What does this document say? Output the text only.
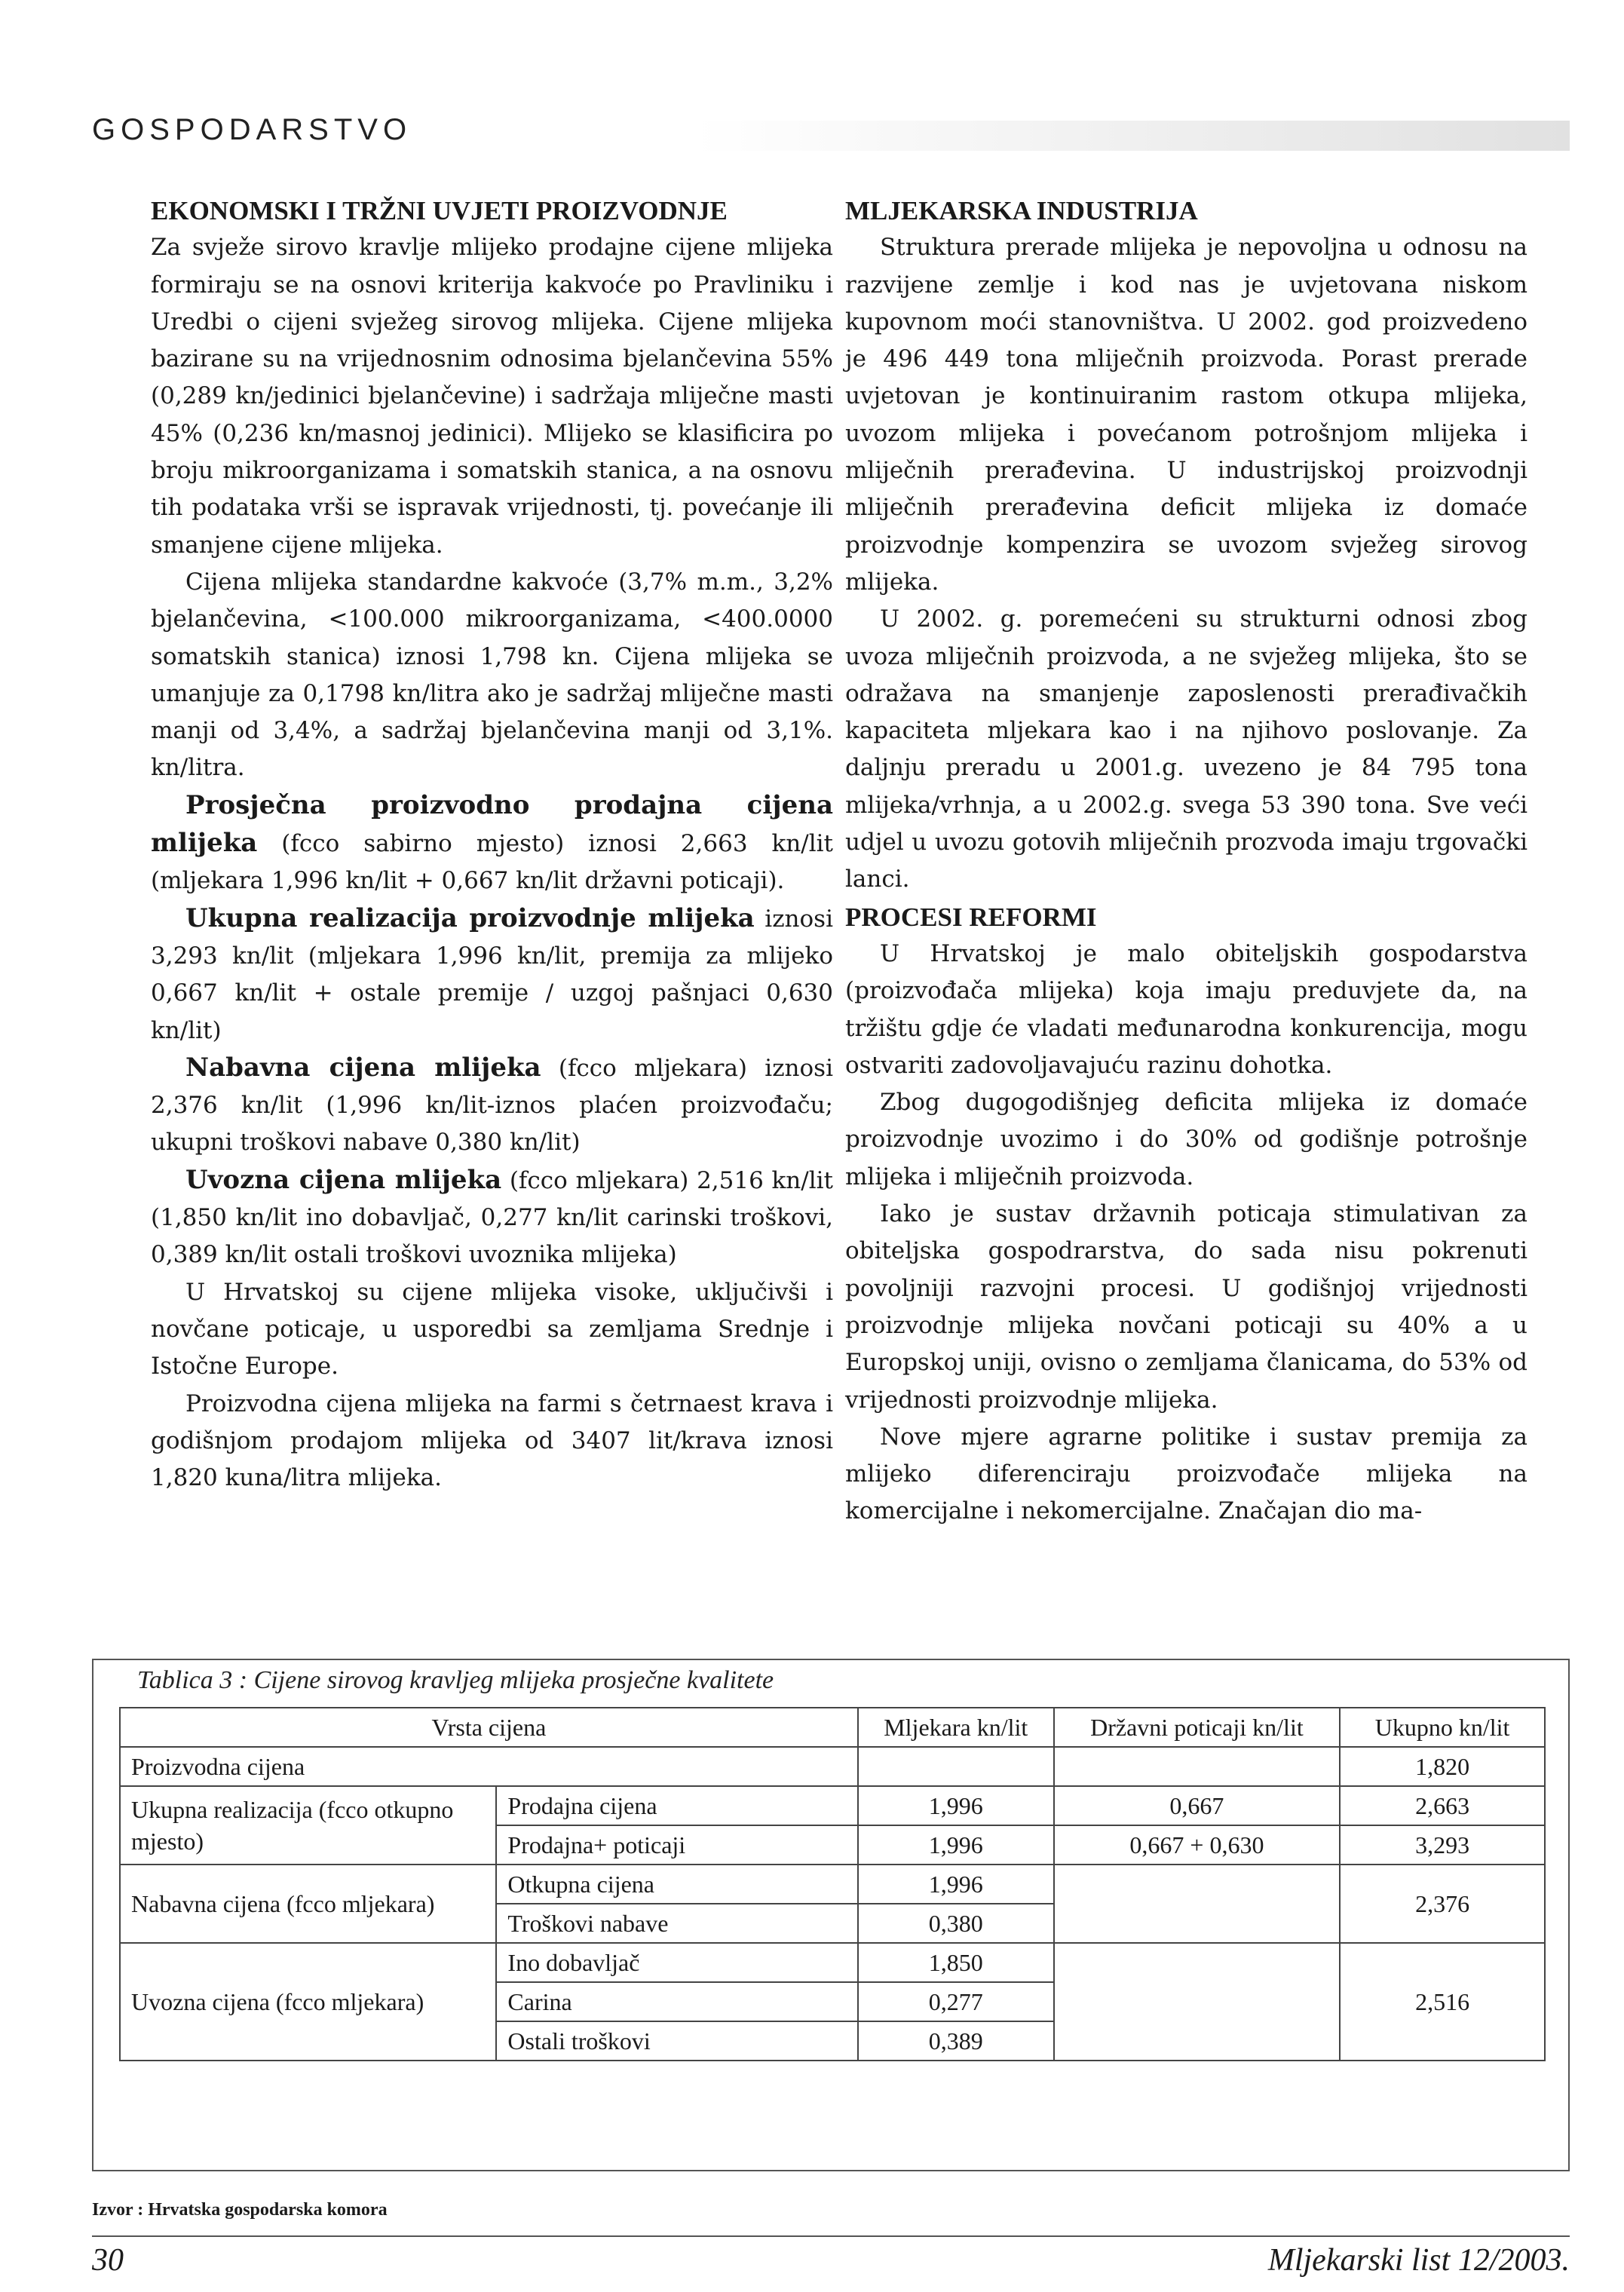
GOSPODARSTVO
EKONOMSKI I TRŽNI UVJETI PROIZVODNJE

Za svježe sirovo kravlje mlijeko prodajne cijene mlijeka formiraju se na osnovi kriterija kakvoće po Pravliniku i Uredbi o cijeni svježeg sirovog mlijeka. Cijene mlijeka bazirane su na vrijednosnim odnosima bjelančevina 55% (0,289 kn/jedinici bjelančevine) i sadržaja mliječne masti 45% (0,236 kn/masnoj jedinici). Mlijeko se klasificira po broju mikroorganizama i somatskih stanica, a na osnovu tih podataka vrši se ispravak vrijednosti, tj. povećanje ili smanjene cijene mlijeka.

Cijena mlijeka standardne kakvoće (3,7% m.m., 3,2% bjelančevina, <100.000 mikroorganizama, <400.0000 somatskih stanica) iznosi 1,798 kn. Cijena mlijeka se umanjuje za 0,1798 kn/litra ako je sadržaj mliječne masti manji od 3,4%, a sadržaj bjelančevina manji od 3,1%. kn/litra.

Prosječna proizvodno prodajna cijena mlijeka (fcco sabirno mjesto) iznosi 2,663 kn/lit (mljekara 1,996 kn/lit + 0,667 kn/lit državni poticaji).

Ukupna realizacija proizvodnje mlijeka iznosi 3,293 kn/lit (mljekara 1,996 kn/lit, premija za mlijeko 0,667 kn/lit + ostale premije / uzgoj pašnjaci 0,630 kn/lit)

Nabavna cijena mlijeka (fcco mljekara) iznosi 2,376 kn/lit (1,996 kn/lit-iznos plaćen proizvođaču; ukupni troškovi nabave 0,380 kn/lit)

Uvozna cijena mlijeka (fcco mljekara) 2,516 kn/lit (1,850 kn/lit ino dobavljač, 0,277 kn/lit carinski troškovi, 0,389 kn/lit ostali troškovi uvoznika mlijeka)

U Hrvatskoj su cijene mlijeka visoke, uključivši i novčane poticaje, u usporedbi sa zemljama Srednje i Istočne Europe.

Proizvodna cijena mlijeka na farmi s četrnaest krava i godišnjom prodajom mlijeka od 3407 lit/krava iznosi 1,820 kuna/litra mlijeka.

MLJEKARSKA INDUSTRIJA

Struktura prerade mlijeka je nepovoljna u odnosu na razvijene zemlje i kod nas je uvjetovana niskom kupovnom moći stanovništva. U 2002. god proizvedeno je 496 449 tona mliječnih proizvoda. Porast prerade uvjetovan je kontinuiranim rastom otkupa mlijeka, uvozom mlijeka i povećanom potrošnjom mlijeka i mliječnih prerađevina. U industrijskoj proizvodnji mliječnih prerađevina deficit mlijeka iz domaće proizvodnje kompenzira se uvozom svježeg sirovog mlijeka.

U 2002. g. poremećeni su strukturni odnosi zbog uvoza mliječnih proizvoda, a ne svježeg mlijeka, što se odražava na smanjenje zaposlenosti prerađivačkih kapaciteta mljekara kao i na njihovo poslovanje. Za daljnju preradu u 2001.g. uvezeno je 84 795 tona mlijeka/vrhnja, a u 2002.g. svega 53 390 tona. Sve veći udjel u uvozu gotovih mliječnih prozvoda imaju trgovački lanci.

PROCESI REFORMI

U Hrvatskoj je malo obiteljskih gospodarstva (proizvođača mlijeka) koja imaju preduvjete da, na tržištu gdje će vladati međunarodna konkurencija, mogu ostvariti zadovoljavajuću razinu dohotka.

Zbog dugogodišnjeg deficita mlijeka iz domaće proizvodnje uvozimo i do 30% od godišnje potrošnje mlijeka i mliječnih proizvoda.

Iako je sustav državnih poticaja stimulativan za obiteljska gospodrarstva, do sada nisu pokrenuti povoljniji razvojni procesi. U godišnjoj vrijednosti proizvodnje mlijeka novčani poticaji su 40% a u Europskoj uniji, ovisno o zemljama članicama, do 53% od vrijednosti proizvodnje mlijeka.

Nove mjere agrarne politike i sustav premija za mlijeko diferenciraju proizvođače mlijeka na komercijalne i nekomercijalne. Značajan dio ma-

Tablica 3 : Cijene sirovog kravljeg mlijeka prosječne kvalitete
Vrsta cijena		Mljekara kn/lit	Državni poticaji kn/lit	Ukupno kn/lit
Proizvodna cijena				1,820
Ukupna realizacija (fcco otkupno mjesto)	Prodajna cijena	1,996	0,667	2,663
	Prodajna+ poticaji	1,996	0,667 + 0,630	3,293
Nabavna cijena (fcco mljekara)	Otkupna cijena	1,996		2,376
	Troškovi nabave	0,380		
Uvozna cijena (fcco mljekara)	Ino dobavljač	1,850		2,516
	Carina	0,277		
	Ostali troškovi	0,389		
Izvor : Hrvatska gospodarska komora
30	Mljekarski list 12/2003.
